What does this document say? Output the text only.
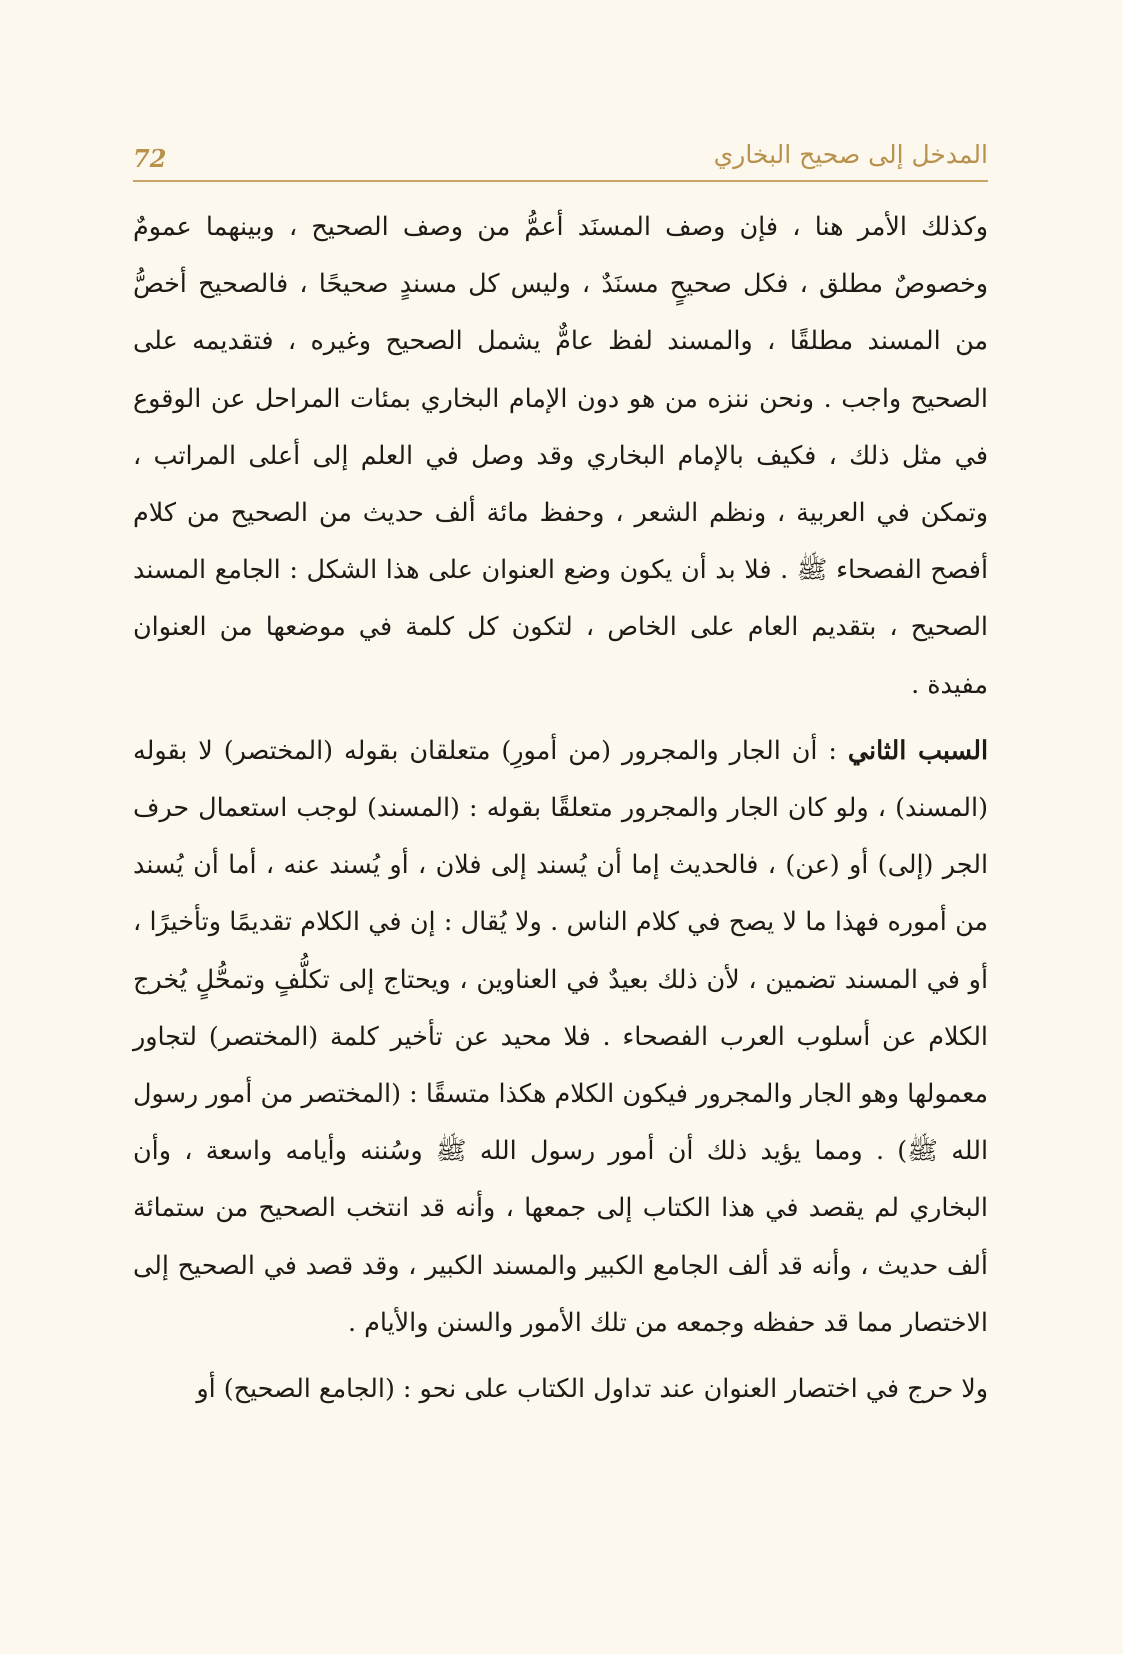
72	المدخل إلى صحيح البخاري

وكذلك الأمر هنا ، فإن وصف المسنَد أعمُّ من وصف الصحيح ، وبينهما عمومٌ وخصوصٌ مطلق ، فكل صحيحٍ مسنَدٌ ، وليس كل مسندٍ صحيحًا ، فالصحيح أخصُّ من المسند مطلقًا ، والمسند لفظ عامٌّ يشمل الصحيح وغيره ، فتقديمه على الصحيح واجب . ونحن ننزه من هو دون الإمام البخاري بمئات المراحل عن الوقوع في مثل ذلك ، فكيف بالإمام البخاري وقد وصل في العلم إلى أعلى المراتب ، وتمكن في العربية ، ونظم الشعر ، وحفظ مائة ألف حديث من الصحيح من كلام أفصح الفصحاء ﷺ . فلا بد أن يكون وضع العنوان على هذا الشكل : الجامع المسند الصحيح ، بتقديم العام على الخاص ، لتكون كل كلمة في موضعها من العنوان مفيدة .

السبب الثاني : أن الجار والمجرور (من أمورِ) متعلقان بقوله (المختصر) لا بقوله (المسند) ، ولو كان الجار والمجرور متعلقًا بقوله : (المسند) لوجب استعمال حرف الجر (إلى) أو (عن) ، فالحديث إما أن يُسند إلى فلان ، أو يُسند عنه ، أما أن يُسند من أموره فهذا ما لا يصح في كلام الناس . ولا يُقال : إن في الكلام تقديمًا وتأخيرًا ، أو في المسند تضمين ، لأن ذلك بعيدٌ في العناوين ، ويحتاج إلى تكلُّفٍ وتمحُّلٍ يُخرج الكلام عن أسلوب العرب الفصحاء . فلا محيد عن تأخير كلمة (المختصر) لتجاور معمولها وهو الجار والمجرور فيكون الكلام هكذا متسقًا : (المختصر من أمور رسول الله ﷺ) . ومما يؤيد ذلك أن أمور رسول الله ﷺ وسُننه وأيامه واسعة ، وأن البخاري لم يقصد في هذا الكتاب إلى جمعها ، وأنه قد انتخب الصحيح من ستمائة ألف حديث ، وأنه قد ألف الجامع الكبير والمسند الكبير ، وقد قصد في الصحيح إلى الاختصار مما قد حفظه وجمعه من تلك الأمور والسنن والأيام .

ولا حرج في اختصار العنوان عند تداول الكتاب على نحو : (الجامع الصحيح) أو
